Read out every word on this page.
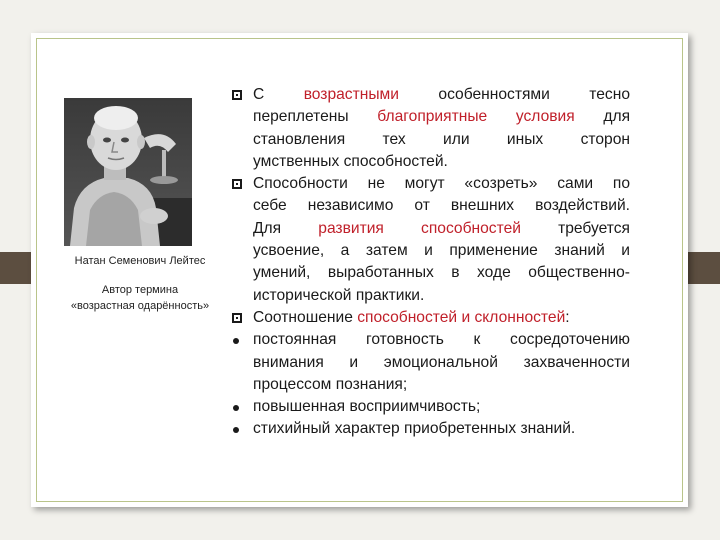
Натан Семенович Лейтес
Автор термина
«возрастная одарённость»
С возрастными особенностями тесно
переплетены благоприятные условия для
становления тех или иных сторон
умственных способностей.
Способности не могут «созреть» сами по
себе независимо от внешних воздействий.
Для развития способностей требуется
усвоение, а затем и применение знаний и
умений, выработанных в ходе общественно-
исторической практики.
Соотношение способностей и склонностей:
постоянная готовность к сосредоточению
внимания и эмоциональной захваченности
процессом познания;
повышенная восприимчивость;
стихийный характер приобретенных знаний.
